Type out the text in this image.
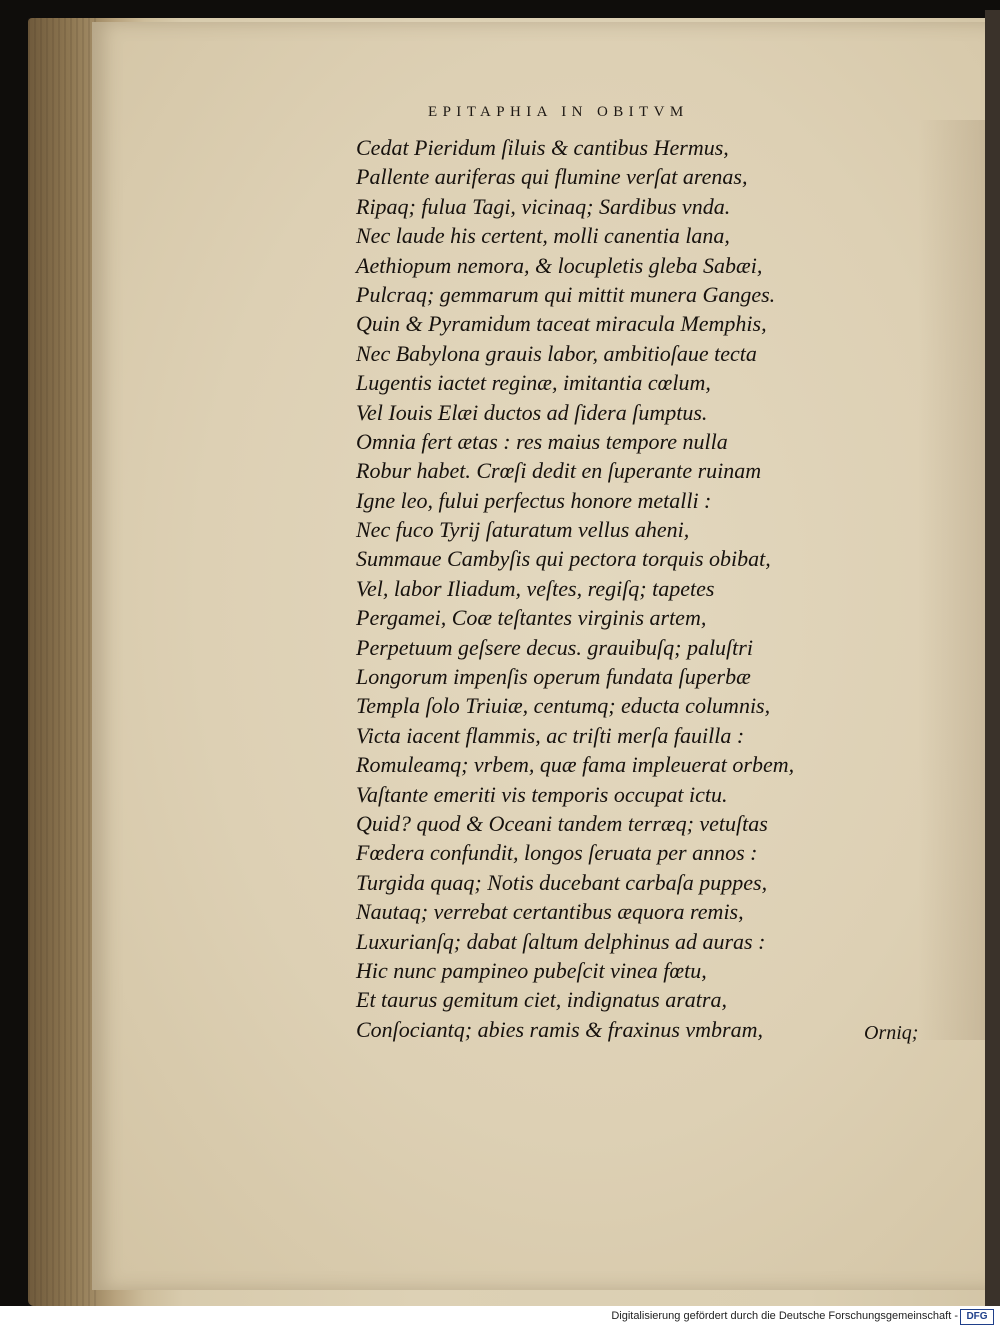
EPITAPHIA IN OBITVM
Cedat Pieridum ſiluis & cantibus Hermus,
Pallente auriferas qui flumine verſat arenas,
Ripaq; fulua Tagi, vicinaq; Sardibus vnda.
Nec laude his certent, molli canentia lana,
Aethiopum nemora, & locupletis gleba Sabæi,
Pulcraq; gemmarum qui mittit munera Ganges.
Quin & Pyramidum taceat miracula Memphis,
Nec Babylona grauis labor, ambitioſaue tecta
Lugentis iactet reginæ, imitantia cœlum,
Vel Iouis Elæi ductos ad ſidera ſumptus.
Omnia fert ætas : res maius tempore nulla
Robur habet. Crœſi dedit en ſuperante ruinam
Igne leo, fului perfectus honore metalli :
Nec fuco Tyrij ſaturatum vellus aheni,
Summaue Cambyſis qui pectora torquis obibat,
Vel, labor Iliadum, veſtes, regiſq; tapetes
Pergamei, Coæ teſtantes virginis artem,
Perpetuum geſsere decus. grauibuſq; paluſtri
Longorum impenſis operum fundata ſuperbæ
Templa ſolo Triuiæ, centumq; educta columnis,
Victa iacent flammis, ac triſti merſa fauilla :
Romuleamq; vrbem, quæ fama impleuerat orbem,
Vaſtante emeriti vis temporis occupat ictu.
Quid? quod & Oceani tandem terræq; vetuſtas
Fœdera confundit, longos ſeruata per annos :
Turgida quaq; Notis ducebant carbaſa puppes,
Nautaq; verrebat certantibus æquora remis,
Luxurianſq; dabat ſaltum delphinus ad auras :
Hic nunc pampineo pubeſcit vinea fœtu,
Et taurus gemitum ciet, indignatus aratra,
Conſociantq; abies ramis & fraxinus vmbram,	Orniq;
Digitalisierung gefördert durch die Deutsche Forschungsgemeinschaft - DFG
